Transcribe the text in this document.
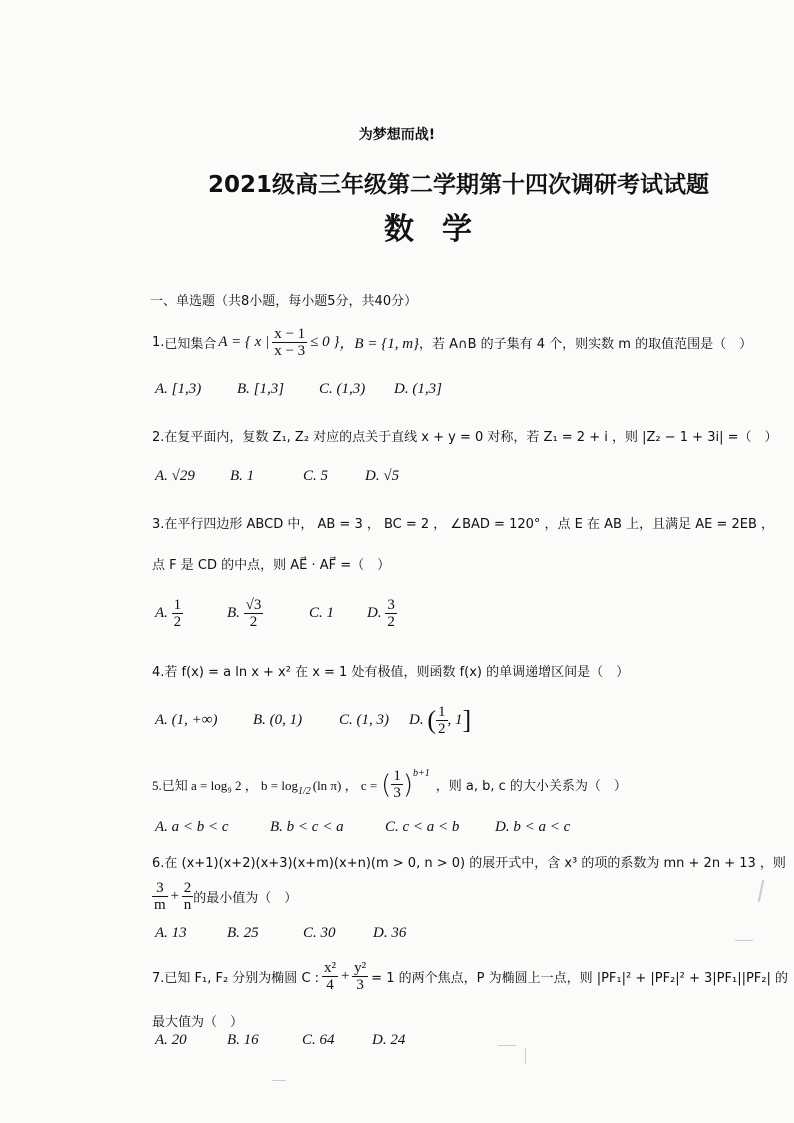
为梦想而战!
2021级高三年级第二学期第十四次调研考试试题
数学
一、单选题（共8小题，每小题5分，共40分）
1. 已知集合 A = { x | $\frac{x - 1}{x - 3} \le 0$ } ，B = {1, m} ，若 A∩B 的子集有 4 个，则实数 m 的取值范围是（　）
A. [1,3)	B. [1,3]	C. (1,3)	D. (1,3]
2.在复平面内，复数 Z₁, Z₂ 对应的点关于直线 x + y = 0 对称，若 Z₁ = 2 + i ，则 |Z₂ − 1 + 3i| =（　）
A. √29	B. 1	C. 5	D. √5
3.在平行四边形 ABCD 中， AB = 3 ， BC = 2 ， ∠BAD = 120° ，点 E 在 AB 上，且满足 AE = 2EB ，
点 F 是 CD 的中点，则 AE⃗ · AF⃗ =（　）
A. $\frac{1}{2}$	B. $\frac{√3}{2}$	C. 1	D. $\frac{3}{2}$
4.若 f(x) = a ln x + x² 在 x = 1 处有极值，则函数 f(x) 的单调递增区间是（　）
A. (1, +∞)	B. (0, 1)	C. (1, 3)	D. ( $\frac{1}{2}$ , 1]
5.已知 a = log₉ 2 ， $b = \log_{1/2} (\ln$ π) ， c = ( $\frac{1}{3} )^{b+1}$
，则 a, b, c 的大小关系为（　）
A. a < b < c	B. b < c < a	C. c < a < b	D. b < a < c
6.在 (x+1)(x+2)(x+3)(x+m)(x+n)(m > 0, n > 0) 的展开式中，含 x³ 的项的系数为 mn + 2n + 13 ，则
$\frac{3}{m} + \frac{2}{n}$ 的最小值为（　）
A. 13	B. 25	C. 30	D. 36
7.已知 F₁, F₂ 分别为椭圆 C : $\frac{\text{x²}}{4} + \frac{\text{y²}}{3} = 1$ 的两个焦点，P 为椭圆上一点，则 |PF₁|² + |PF₂|² + 3|PF₁||PF₂| 的
最大值为（　）
A. 20	B. 16	C. 64	D. 24
